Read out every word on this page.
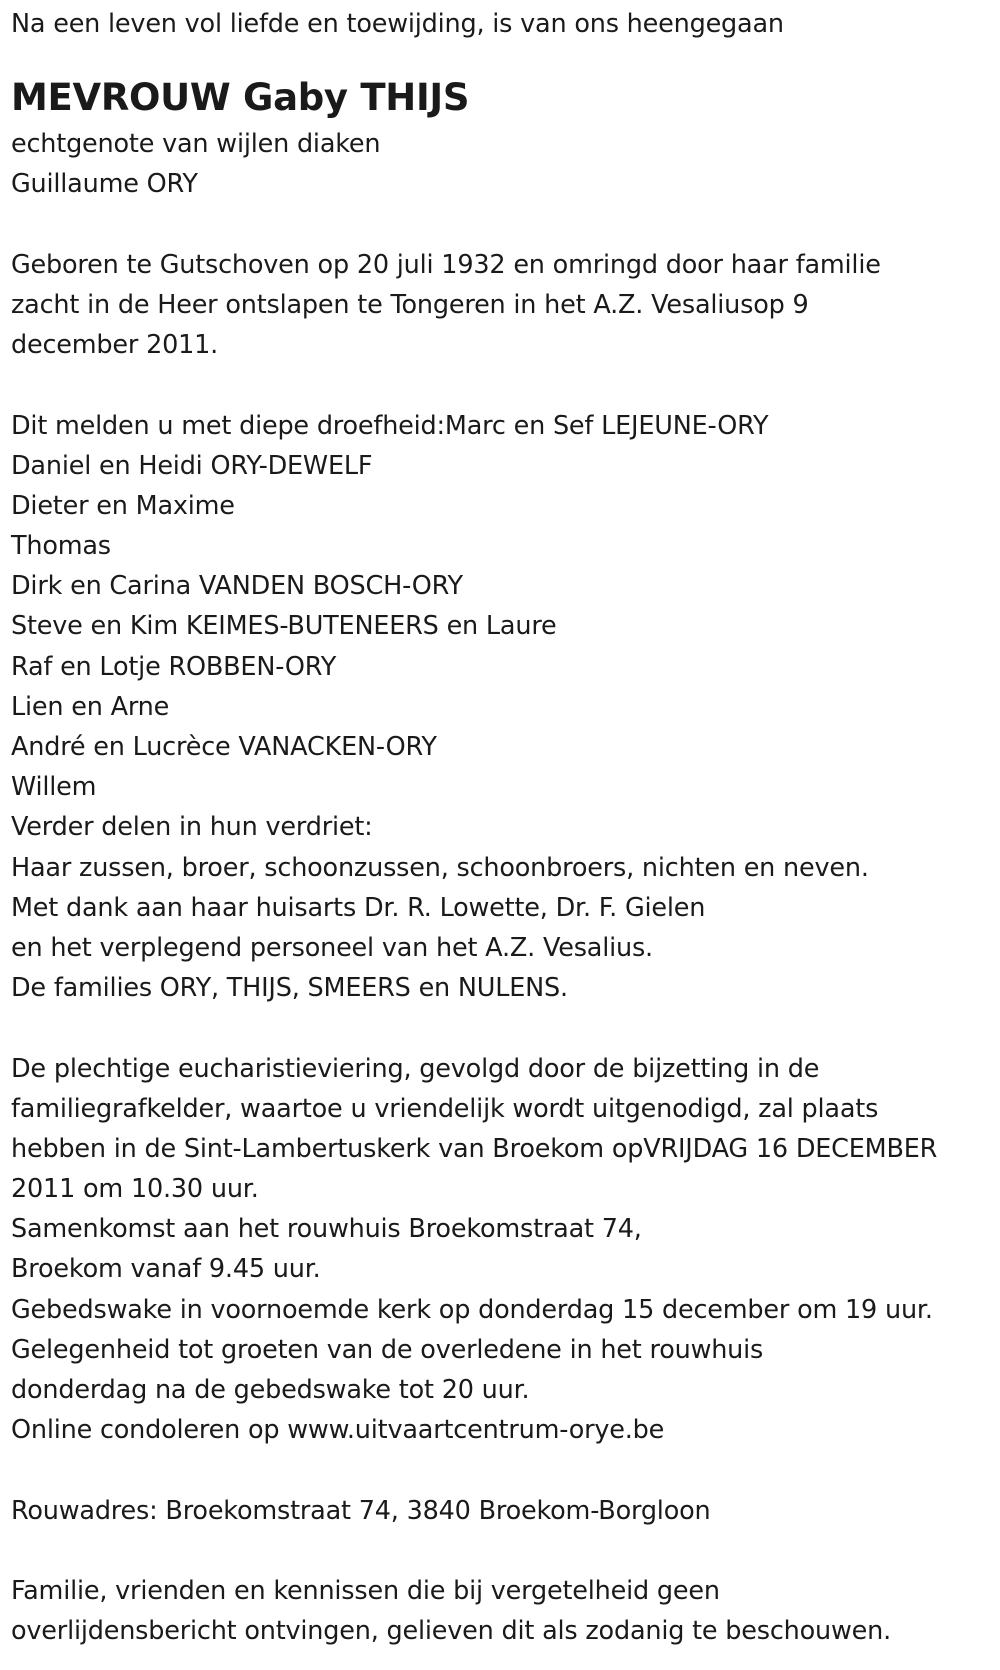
Na een leven vol liefde en toewijding, is van ons heengegaan
MEVROUW Gaby THIJS
echtgenote van wijlen diaken
Guillaume ORY
Geboren te Gutschoven op 20 juli 1932 en omringd door haar familie
zacht in de Heer ontslapen te Tongeren in het A.Z. Vesaliusop 9
december 2011.
Dit melden u met diepe droefheid:Marc en Sef LEJEUNE-ORY
Daniel en Heidi ORY-DEWELF
Dieter en Maxime
Thomas
Dirk en Carina VANDEN BOSCH-ORY
Steve en Kim KEIMES-BUTENEERS en Laure
Raf en Lotje ROBBEN-ORY
Lien en Arne
André en Lucrèce VANACKEN-ORY
Willem
Verder delen in hun verdriet:
Haar zussen, broer, schoonzussen, schoonbroers, nichten en neven.
Met dank aan haar huisarts Dr. R. Lowette, Dr. F. Gielen
en het verplegend personeel van het A.Z. Vesalius.
De families ORY, THIJS, SMEERS en NULENS.
De plechtige eucharistieviering, gevolgd door de bijzetting in de
familiegrafkelder, waartoe u vriendelijk wordt uitgenodigd, zal plaats
hebben in de Sint-Lambertuskerk van Broekom opVRIJDAG 16 DECEMBER
2011 om 10.30 uur.
Samenkomst aan het rouwhuis Broekomstraat 74,
Broekom vanaf 9.45 uur.
Gebedswake in voornoemde kerk op donderdag 15 december om 19 uur.
Gelegenheid tot groeten van de overledene in het rouwhuis
donderdag na de gebedswake tot 20 uur.
Online condoleren op www.uitvaartcentrum-orye.be
Rouwadres: Broekomstraat 74, 3840 Broekom-Borgloon
Familie, vrienden en kennissen die bij vergetelheid geen
overlijdensbericht ontvingen, gelieven dit als zodanig te beschouwen.
